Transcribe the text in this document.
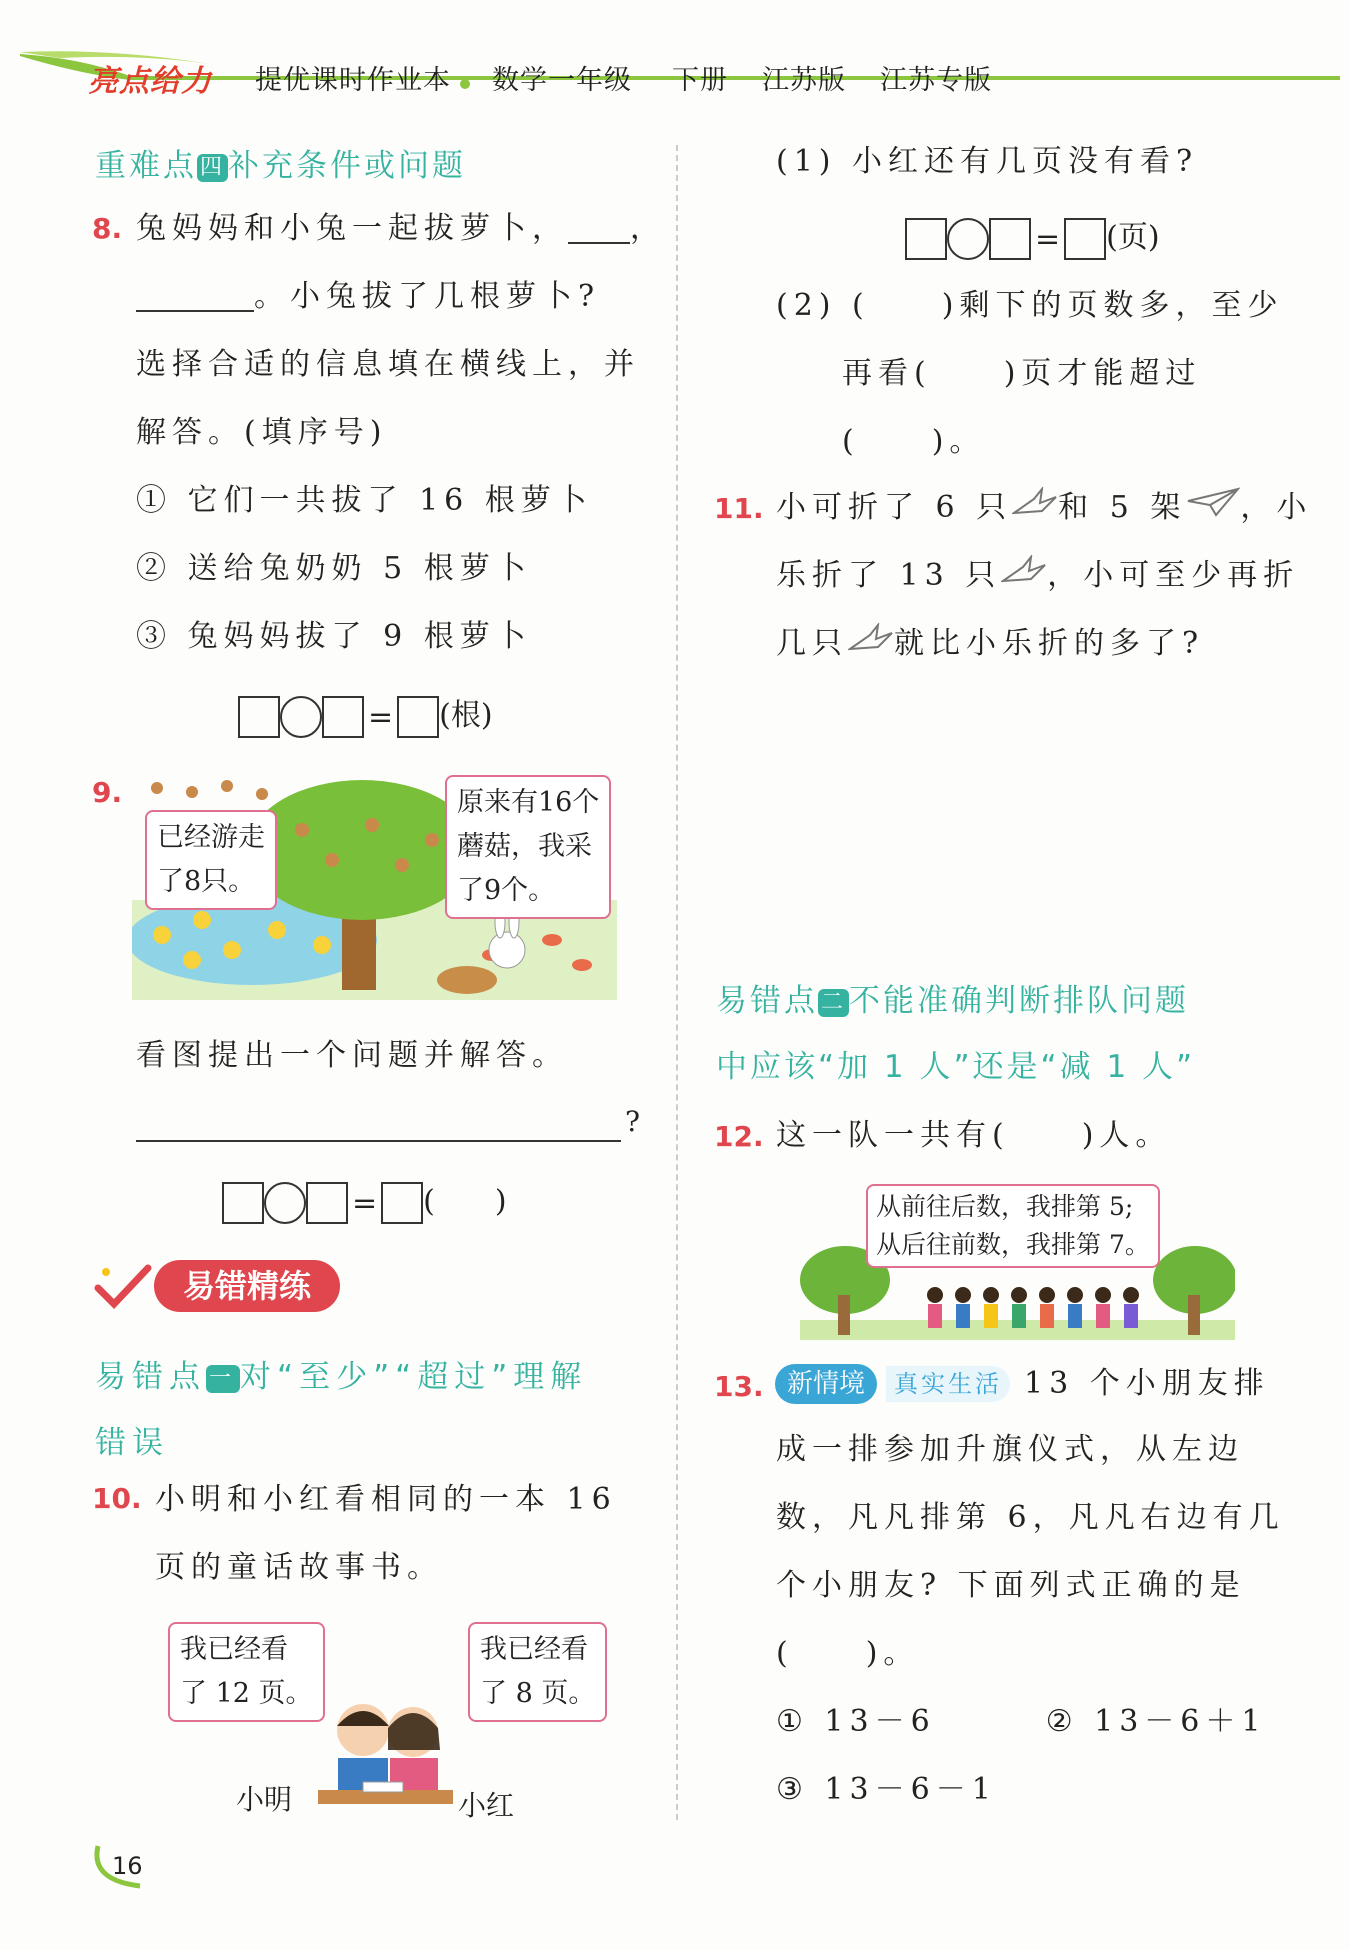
亮点给力 提优课时作业本 数学一年级 下册 江苏版 江苏专版
重难点 四补充条件或问题
8. 兔妈妈和小兔一起拔萝卜， ，
。小兔拔了几根萝卜?
选择合适的信息填在横线上，并
解答。(填序号)
① 它们一共拔了 16 根萝卜
② 送给兔奶奶 5 根萝卜
③ 兔妈妈拔了 9 根萝卜
= (根)
9.
已经游走
了8只。
原来有16个
蘑菇，我采
了9个。
看图提出一个问题并解答。
?
= (　　)
易错精练
易错点 一对“至少”“超过”理解
错误
10. 小明和小红看相同的一本 16
页的童话故事书。
我已经看
了 12 页。
我已经看
了 8 页。
小明	小红
(1) 小红还有几页没有看?
= (页)
(2) (　　)剩下的页数多，至少
再看(　　)页才能超过
(　　)。
11. 小可折了 6 只 和 5 架 ，小
乐折了 13 只 ，小可至少再折
几只 就比小乐折的多了?
易错点 二不能准确判断排队问题
中应该“加 1 人”还是“减 1 人”
12. 这一队一共有(　　)人。
从前往后数，我排第 5;
从后往前数，我排第 7。
13. 新情境	真实生活 13 个小朋友排
成一排参加升旗仪式，从左边
数，凡凡排第 6，凡凡右边有几
个小朋友? 下面列式正确的是
(　　)。
① 13－6	② 13－6＋1
③ 13－6－1
16
